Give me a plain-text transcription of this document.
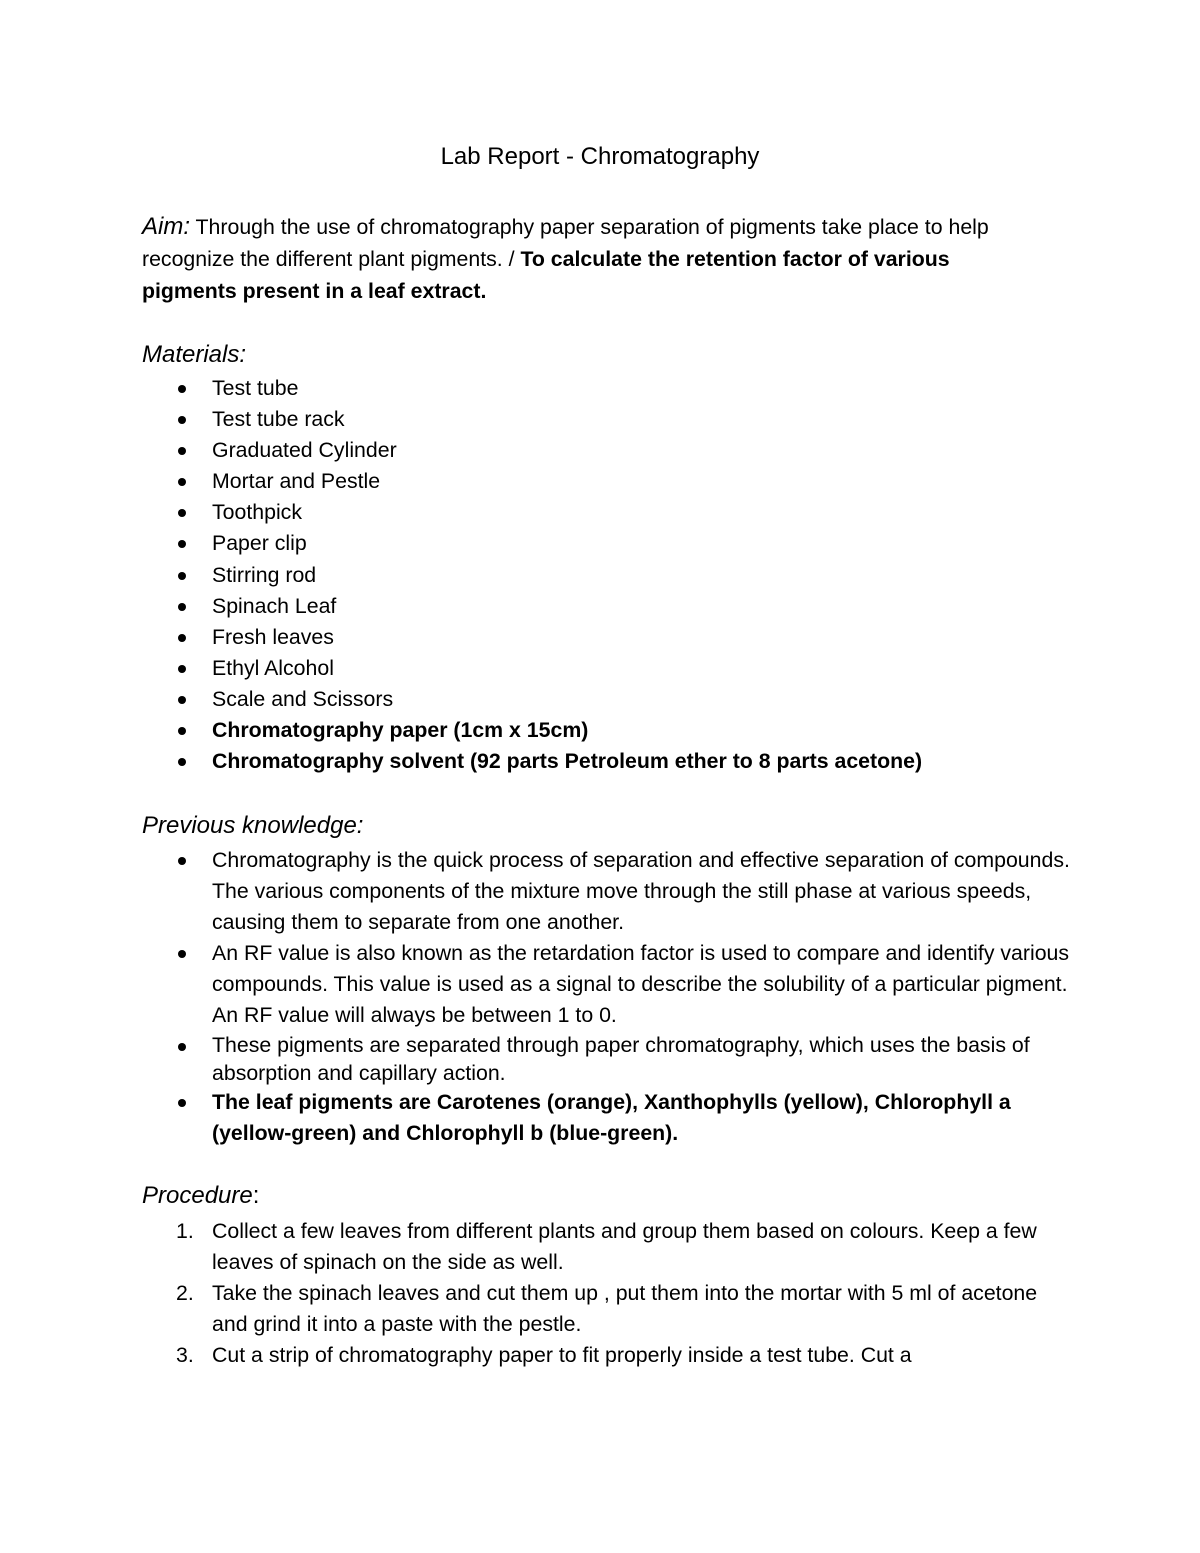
Lab Report - Chromatography
Aim: Through the use of chromatography paper separation of pigments take place to help recognize the different plant pigments. / To calculate the retention factor of various pigments present in a leaf extract.
Materials:
Test tube
Test tube rack
Graduated Cylinder
Mortar and Pestle
Toothpick
Paper clip
Stirring rod
Spinach Leaf
Fresh leaves
Ethyl Alcohol
Scale and Scissors
Chromatography paper (1cm x 15cm)
Chromatography solvent (92 parts Petroleum ether to 8 parts acetone)
Previous knowledge:
Chromatography is the quick process of separation and effective separation of compounds. The various components of the mixture move through the still phase at various speeds, causing them to separate from one another.
An RF value is also known as the retardation factor is used to compare and identify various compounds. This value is used as a signal to describe the solubility of a particular pigment. An RF value will always be between 1 to 0.
These pigments are separated through paper chromatography, which uses the basis of absorption and capillary action.
The leaf pigments are Carotenes (orange), Xanthophylls (yellow), Chlorophyll a (yellow-green) and Chlorophyll b (blue-green).
Procedure:
1. Collect a few leaves from different plants and group them based on colours. Keep a few leaves of spinach on the side as well.
2. Take the spinach leaves and cut them up , put them into the mortar with 5 ml of acetone and grind it into a paste with the pestle.
3. Cut a strip of chromatography paper to fit properly inside a test tube. Cut a
